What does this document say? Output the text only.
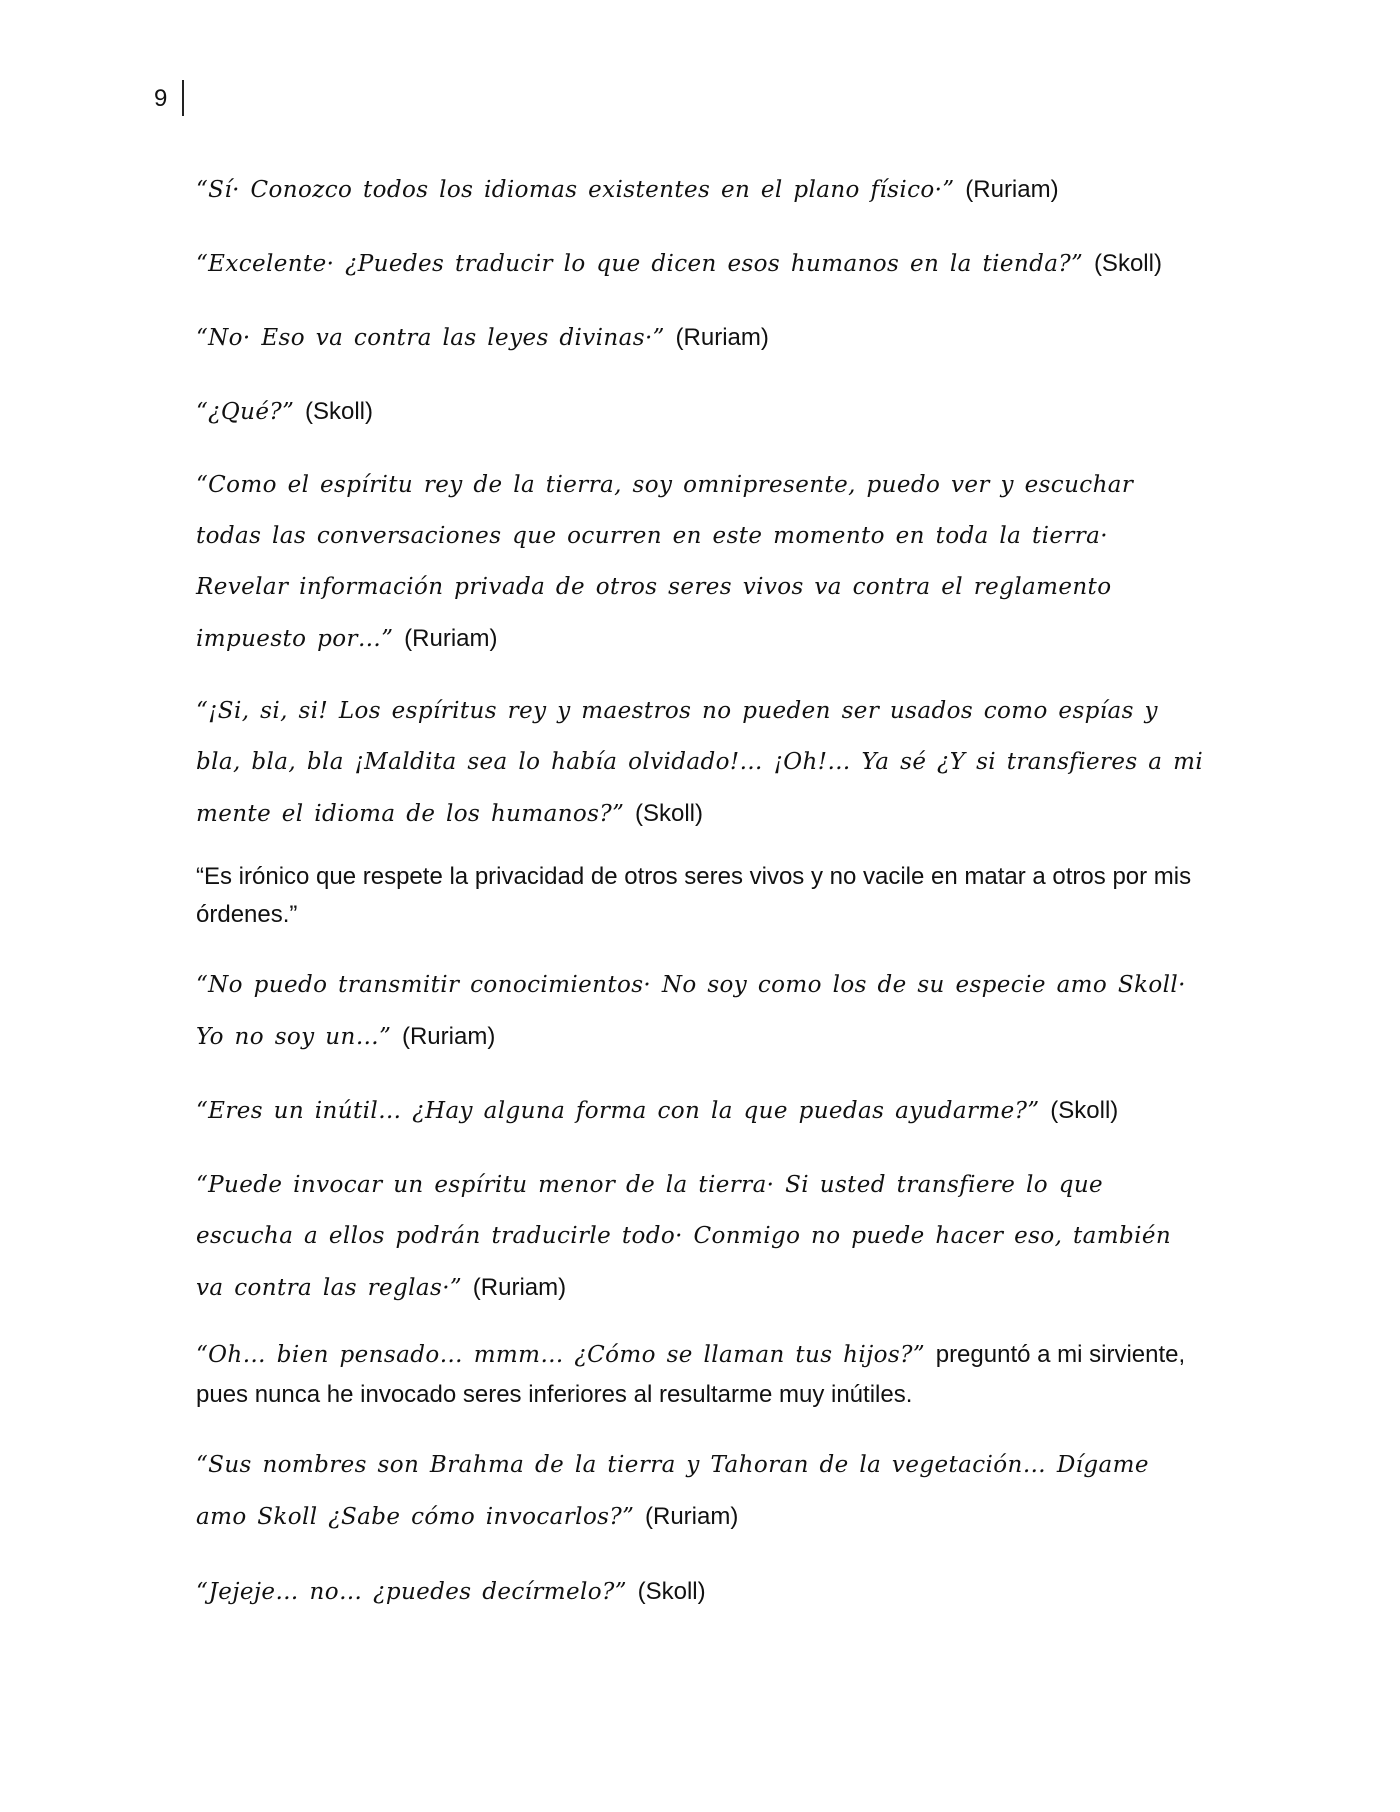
9

“Sí· Conozco todos los idiomas existentes en el plano físico·” (Ruriam)

“Excelente· ¿Puedes traducir lo que dicen esos humanos en la tienda?” (Skoll)

“No· Eso va contra las leyes divinas·” (Ruriam)

“¿Qué?” (Skoll)

“Como el espíritu rey de la tierra, soy omnipresente, puedo ver y escuchar todas las conversaciones que ocurren en este momento en toda la tierra· Revelar información privada de otros seres vivos va contra el reglamento impuesto por…” (Ruriam)

“¡Si, si, si! Los espíritus rey y maestros no pueden ser usados como espías y bla, bla, bla ¡Maldita sea lo había olvidado!… ¡Oh!… Ya sé ¿Y si transfieres a mi mente el idioma de los humanos?” (Skoll)

“Es irónico que respete la privacidad de otros seres vivos y no vacile en matar a otros por mis órdenes.”

“No puedo transmitir conocimientos· No soy como los de su especie amo Skoll· Yo no soy un…” (Ruriam)

“Eres un inútil… ¿Hay alguna forma con la que puedas ayudarme?” (Skoll)

“Puede invocar un espíritu menor de la tierra· Si usted transfiere lo que escucha a ellos podrán traducirle todo· Conmigo no puede hacer eso, también va contra las reglas·” (Ruriam)

“Oh… bien pensado… mmm… ¿Cómo se llaman tus hijos?” preguntó a mi sirviente, pues nunca he invocado seres inferiores al resultarme muy inútiles.

“Sus nombres son Brahma de la tierra y Tahoran de la vegetación… Dígame amo Skoll ¿Sabe cómo invocarlos?” (Ruriam)

“Jejeje… no… ¿puedes decírmelo?” (Skoll)
